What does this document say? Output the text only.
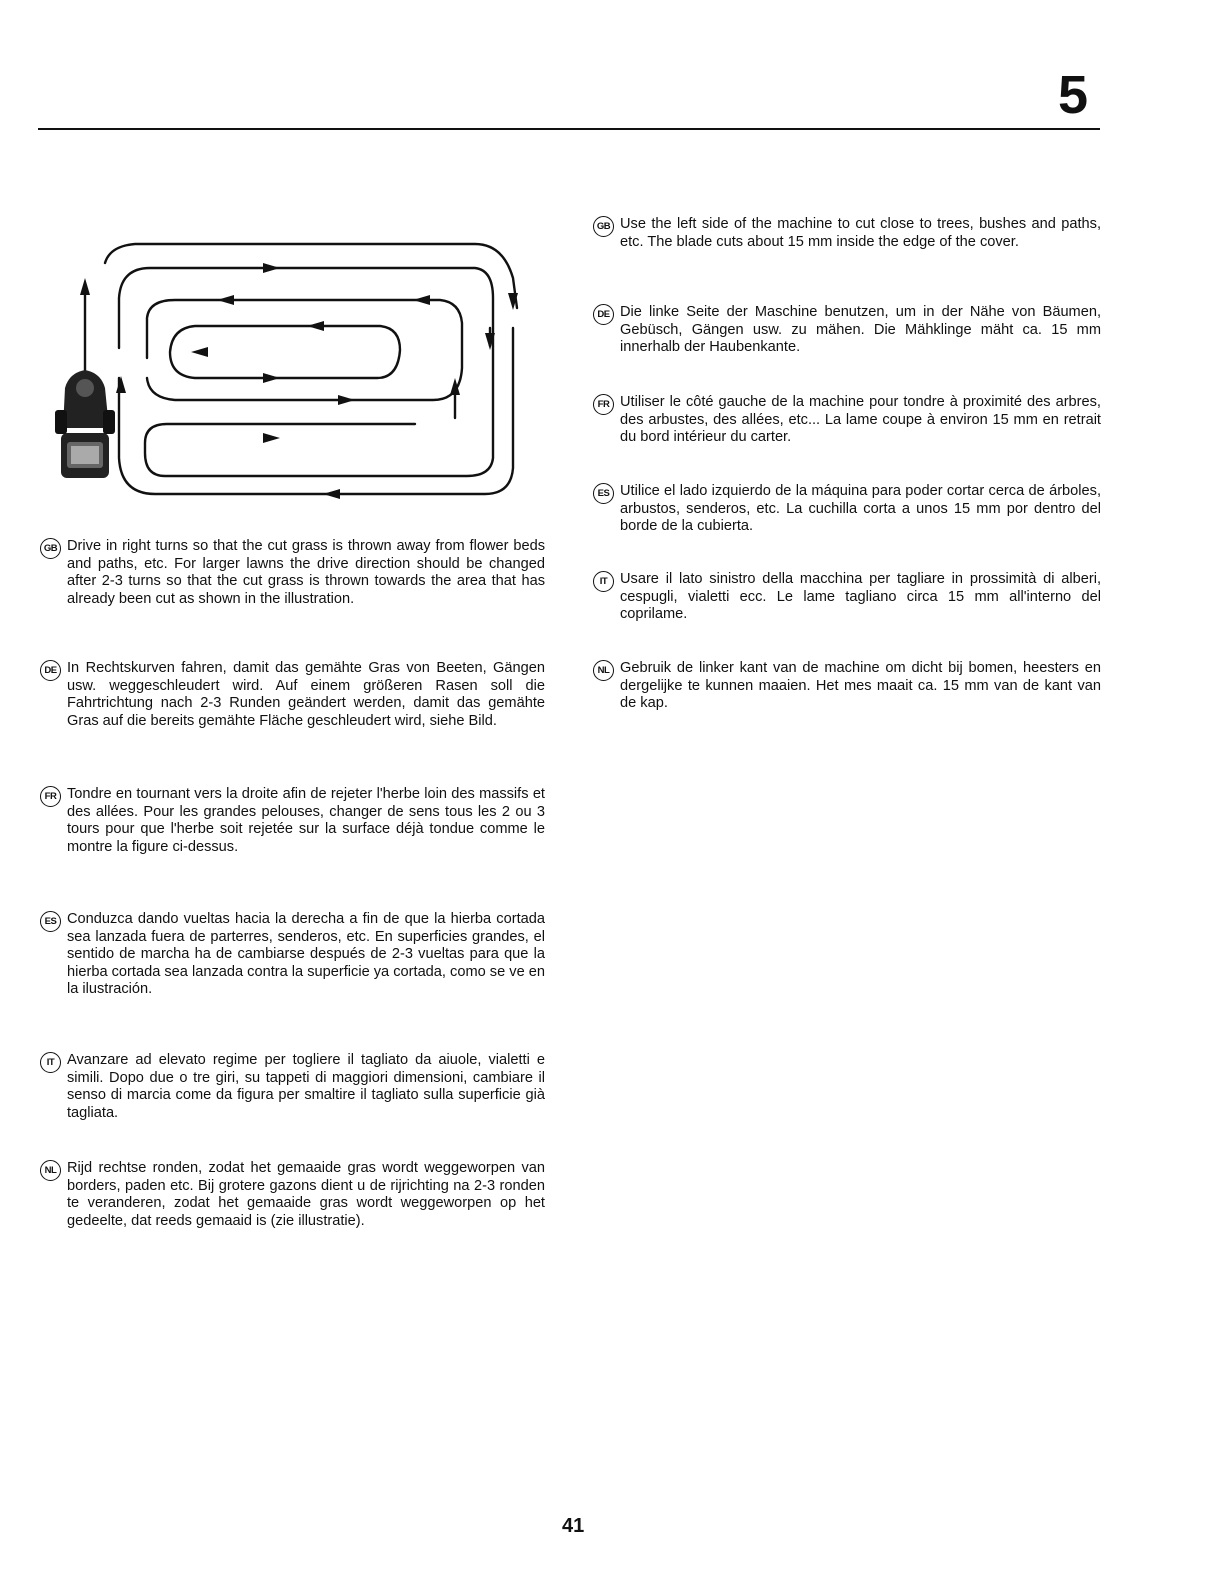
5
GB Use the left side of the machine to cut close to trees, bushes and paths, etc. The blade cuts about 15 mm inside the edge of the cover.
DE Die linke Seite der Maschine benutzen, um in der Nähe von Bäumen, Gebüsch, Gängen usw. zu mähen. Die Mähklinge mäht ca. 15 mm innerhalb der Haubenkante.
FR Utiliser le côté gauche de la machine pour tondre à proximité des arbres, des arbustes, des allées, etc... La lame coupe à environ 15 mm en retrait du bord intérieur du carter.
ES Utilice el lado izquierdo de la máquina para poder cortar cerca de árboles, arbustos, senderos, etc. La cuchilla corta a unos 15 mm por dentro del borde de la cubierta.
IT Usare il lato sinistro della macchina per tagliare in prossimità di alberi, cespugli, vialetti ecc. Le lame tagliano circa 15 mm all'interno del coprilame.
NL Gebruik de linker kant van de machine om dicht bij bomen, heesters en dergelijke te kunnen maaien. Het mes maait ca. 15 mm van de kant van de kap.
GB Drive in right turns so that the cut grass is thrown away from flower beds and paths, etc. For larger lawns the drive direction should be changed after 2-3 turns so that the cut grass is thrown towards the area that has already been cut as shown in the illustration.
DE In Rechtskurven fahren, damit das gemähte Gras von Beeten, Gängen usw. weggeschleudert wird. Auf einem größeren Rasen soll die Fahrtrichtung nach 2-3 Runden geändert werden, damit das gemähte Gras auf die bereits gemähte Fläche geschleudert wird, siehe Bild.
FR Tondre en tournant vers la droite afin de rejeter l'herbe loin des massifs et des allées. Pour les grandes pelouses, changer de sens tous les 2 ou 3 tours pour que l'herbe soit rejetée sur la surface déjà tondue comme le montre la figure ci-dessus.
ES Conduzca dando vueltas hacia la derecha a fin de que la hierba cortada sea lanzada fuera de parterres, senderos, etc. En superficies grandes, el sentido de marcha ha de cambiarse después de 2-3 vueltas para que la hierba cortada sea lanzada contra la superficie ya cortada, como se ve en la ilustración.
IT Avanzare ad elevato regime per togliere il tagliato da aiuole, vialetti e simili. Dopo due o tre giri, su tappeti di maggiori dimensioni, cambiare il senso di marcia come da figura per smaltire il tagliato sulla superficie già tagliata.
NL Rijd rechtse ronden, zodat het gemaaide gras wordt weggeworpen van borders, paden etc. Bij grotere gazons dient u de rijrichting na 2-3 ronden te veranderen, zodat het gemaaide gras wordt weggeworpen op het gedeelte, dat reeds gemaaid is (zie illustratie).
41
